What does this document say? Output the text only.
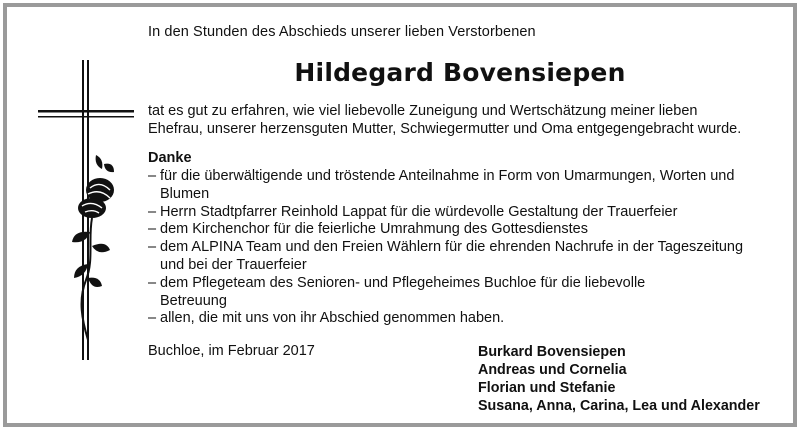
In den Stunden des Abschieds unserer lieben Verstorbenen
Hildegard Bovensiepen
tat es gut zu erfahren, wie viel liebevolle Zuneigung und Wertschätzung meiner lieben
Ehefrau, unserer herzensguten Mutter, Schwiegermutter und Oma entgegengebracht wurde.
Danke
– für die überwältigende und tröstende Anteilnahme in Form von Umarmungen, Worten und
Blumen
– Herrn Stadtpfarrer Reinhold Lappat für die würdevolle Gestaltung der Trauerfeier
– dem Kirchenchor für die feierliche Umrahmung des Gottesdienstes
– dem ALPINA Team und den Freien Wählern für die ehrenden Nachrufe in der Tageszeitung
und bei der Trauerfeier
– dem Pflegeteam des Senioren- und Pflegeheimes Buchloe für die liebevolle
Betreuung
– allen, die mit uns von ihr Abschied genommen haben.
Buchloe, im Februar 2017	Burkard Bovensiepen
Andreas und Cornelia
Florian und Stefanie
Susana, Anna, Carina, Lea und Alexander
